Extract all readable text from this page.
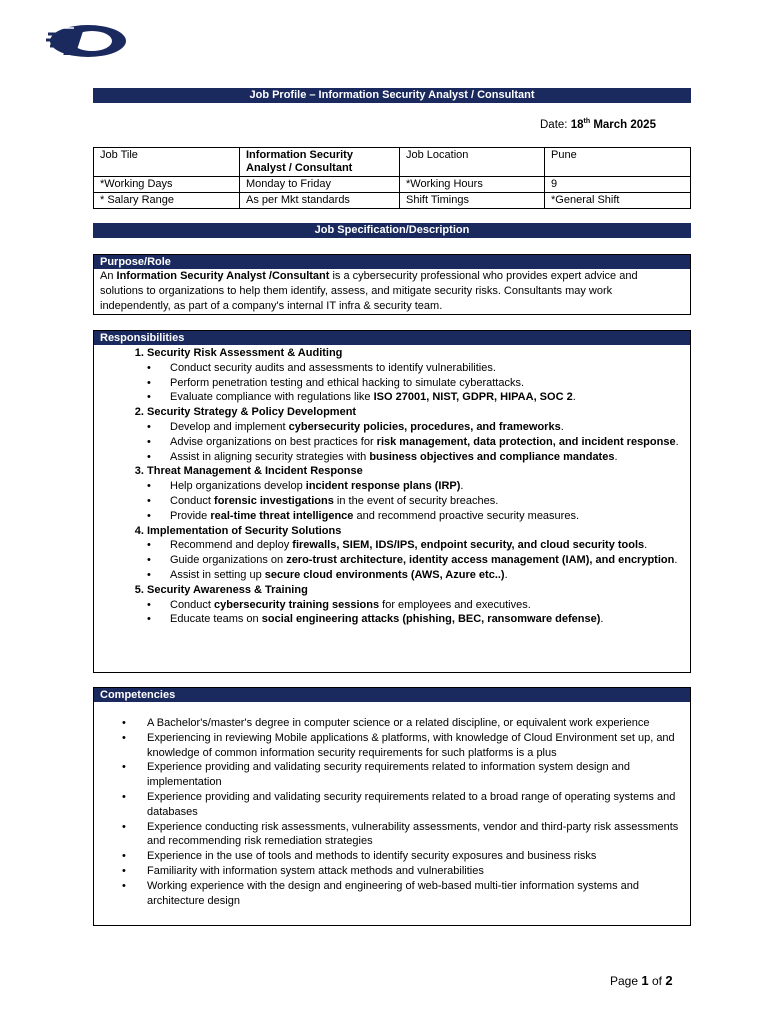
Job Profile – Information Security Analyst / Consultant
Date: 18th March 2025
Job Tile	Information Security Analyst / Consultant	Job Location	Pune
*Working Days	Monday to Friday	*Working Hours	9
* Salary Range	As per Mkt standards	Shift Timings	*General Shift
Job Specification/Description
Purpose/Role
An Information Security Analyst /Consultant is a cybersecurity professional who provides expert advice and solutions to organizations to help them identify, assess, and mitigate security risks. Consultants may work independently, as part of a company's internal IT infra & security team.
Responsibilities
1. Security Risk Assessment & Auditing
• Conduct security audits and assessments to identify vulnerabilities.
• Perform penetration testing and ethical hacking to simulate cyberattacks.
• Evaluate compliance with regulations like ISO 27001, NIST, GDPR, HIPAA, SOC 2.
2. Security Strategy & Policy Development
• Develop and implement cybersecurity policies, procedures, and frameworks.
• Advise organizations on best practices for risk management, data protection, and incident response.
• Assist in aligning security strategies with business objectives and compliance mandates.
3. Threat Management & Incident Response
• Help organizations develop incident response plans (IRP).
• Conduct forensic investigations in the event of security breaches.
• Provide real-time threat intelligence and recommend proactive security measures.
4. Implementation of Security Solutions
• Recommend and deploy firewalls, SIEM, IDS/IPS, endpoint security, and cloud security tools.
• Guide organizations on zero-trust architecture, identity access management (IAM), and encryption.
• Assist in setting up secure cloud environments (AWS, Azure etc..).
5. Security Awareness & Training
• Conduct cybersecurity training sessions for employees and executives.
• Educate teams on social engineering attacks (phishing, BEC, ransomware defense).
Competencies
• A Bachelor's/master's degree in computer science or a related discipline, or equivalent work experience
• Experiencing in reviewing Mobile applications & platforms, with knowledge of Cloud Environment set up, and knowledge of common information security requirements for such platforms is a plus
• Experience providing and validating security requirements related to information system design and implementation
• Experience providing and validating security requirements related to a broad range of operating systems and databases
• Experience conducting risk assessments, vulnerability assessments, vendor and third-party risk assessments and recommending risk remediation strategies
• Experience in the use of tools and methods to identify security exposures and business risks
• Familiarity with information system attack methods and vulnerabilities
• Working experience with the design and engineering of web-based multi-tier information systems and architecture design
Page 1 of 2
